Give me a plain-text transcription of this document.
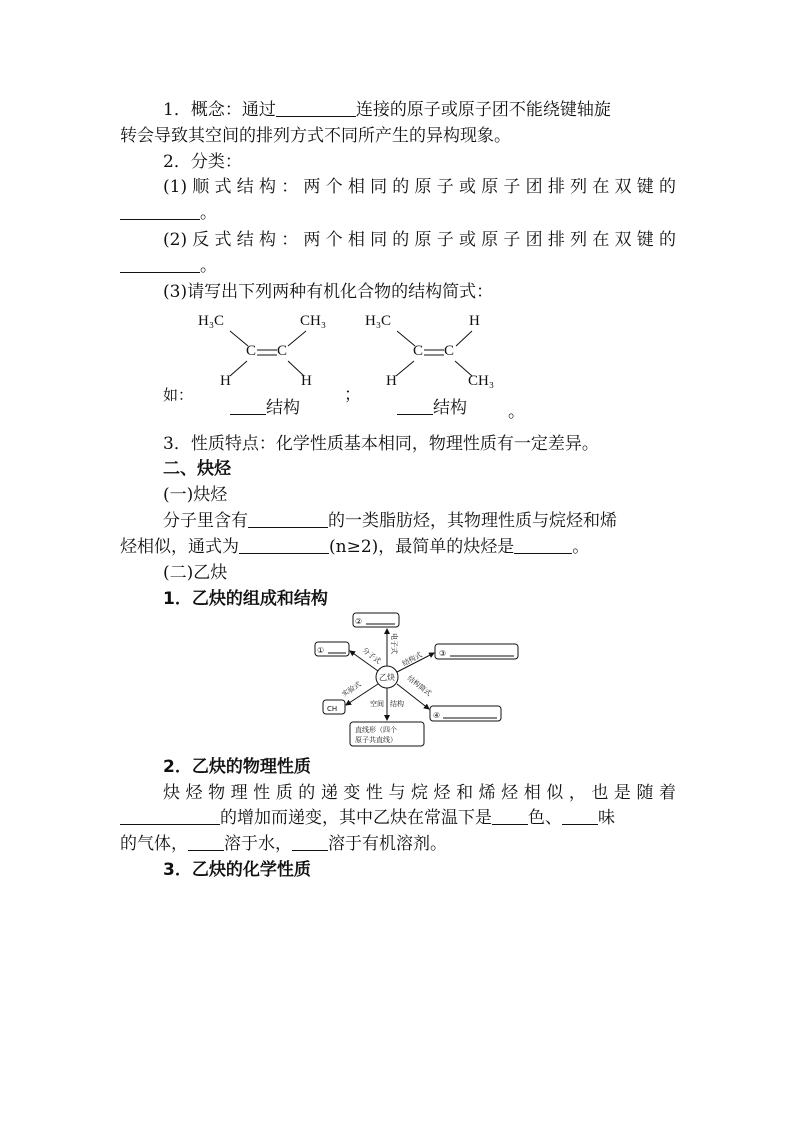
1．概念：通过	连接的原子或原子团不能绕键轴旋
转会导致其空间的排列方式不同所产生的异构现象。
2．分类：
(1)顺式结构：两个相同的原子或原子团排列在双键的
。
(2)反式结构：两个相同的原子或原子团排列在双键的
。
(3)请写出下列两种有机化合物的结构简式：
H₃C	CH₃
C C
H	H
H₃C	H
C C
H	CH₃
如：
结构
；
结构 。
3．性质特点：化学性质基本相同，物理性质有一定差异。
二、炔烃
(一)炔烃
分子里含有	的一类脂肪烃，其物理性质与烷烃和烯
烃相似，通式为	(n≥2)，最简单的炔烃是	。
(二)乙炔
1．乙炔的组成和结构
②
①	③
④
CH
直线形（四个
原子共直线）
乙炔
电子式
分子式	结构式
实验式	结构简式
空间 结构
2．乙炔的物理性质
炔烃物理性质的递变性与烷烃和烯烃相似，也是随着
的增加而递变，其中乙炔在常温下是 色、 味
的气体， 溶于水， 溶于有机溶剂。
3．乙炔的化学性质
